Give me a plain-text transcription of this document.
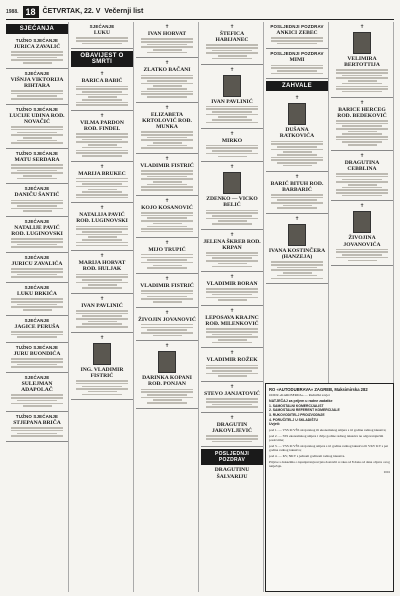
1988. 18	ČETVRTAK, 22. V Večernji list
SJEĆANJA
TUŽNO SJEĆANJE
JURICA ZAVALIĆ
SJEĆANJE
VIŠNJA VIKTORIJA RIHTARA
TUŽNO SJEĆANJE
LUCIJE UDINA ROD. NOVAČIĆ
TUŽNO SJEĆANJE
MATU SERDARA
SJEĆANJE
DANIČU ŠANTIĆ
SJEĆANJE
NATALIJE PAVIĆ ROD. LUGINOVSKI
SJEĆANJE
JURICU ZAVALIĆA
SJEĆANJE
LUKU BRKIĆA
SJEĆANJE
JAGICE PERUŠA
TUŽNO SJEĆANJE
JURU BUONDIĆA
SJEĆANJE
SULEJMAN ADAPOLAČ
TUŽNO SJEĆANJE
STJEPANA BRIČA
SJEĆANJE
LUKU
OBAVIJEST O SMRTI
✝
BARICA BABIĆ
✝
VILMA PARDON ROĐ. FINDEL
✝
MARIJA BRUKEC
✝
NATALIJA PAVIĆ ROĐ. LUGINOVSKI
✝
MARIJA HORVAT ROĐ. HULJAK
✝
IVAN PAVLINIĆ
✝
ING. VLADIMIR FISTRIĆ
✝
IVAN HORVAT
✝
ZLATKO BAČANI
✝
ELIZABETA KRTOLOVIĆ ROĐ. MUNKA
✝
VLADIMIR FISTRIĆ
✝
KOJO KOSANOVIĆ
✝
MIJO TRUPIĆ
✝
VLADIMIR FISTRIĆ
✝
ŽIVOJIN JOVANOVIĆ
✝
DARINKA KOPANI ROĐ. PONJAN
✝
ŠTEFICA HABIJANEC
✝
IVAN PAVLINIĆ
✝
MIRKO
✝
ZDENKO — VICKO BELIĆ
✝
JELENA ŠKREB ROD. KRPAN
✝
VLADIMIR BORAN
✝
LEPOSAVA KRAJNC ROĐ. MILENKOVIĆ
✝
VLADIMIR ROŽEK
✝
STEVO JANJATOVIĆ
✝
DRAGUTIN JAKOVLJEVIĆ
POSLJEDNJI POZDRAV
DRAGUTINU ŠALVARIJU
POSLJEDNJI POZDRAV
ANKICI ZEBEC
POSLJEDNJI POZDRAV
MIMI
ZAHVALE
✝
DUŠANA RATKOVIĆA
✝
BARIĆ BITUH ROD. BARBARIĆ
✝
IVANA KOSTINČERA (HANZEJA)
✝
VELIMIRA BERTOTTIJA
✝
BARICE HERCEG ROD. BEDEKOVIĆ
✝
DRAGUTINA CEBBLINA
✝
ŽIVOJINA JOVANOVIĆA
RO «AUTODUBRAVA» ZAGREB, Maksimirska 282
OOUR «KAROSERIJA» — Radnički savjet
NATJEČAJ za prijem u radne zadatke
1. SAMOSTALNI KOMERCIJALIST
2. SAMOSTALNI REFERENT KOMERCIJALE
3. RUKOVODITELJ PROIZVODNJE
4. PORUČITELJ U SKLADIŠTU
Uvjeti:
pod 1. — VSS ili VŠS strojarskog ili ekonomskog smjera s tri godine radnog iskustva;
pod 2. — SSS ekonomskog smjera i dvije godine radnog iskustva na odgovarajućim poslovima;
pod 3. — VSS ili VŠS strojarskog smjera s tri godine radnog iskustva ili VKV KV s pet godina radnog iskustva;
pod 4. — KV, NKV s jednom godinom radnog iskustva.
Prijave s dokazima o ispunjavanju uvjeta dostaviti u roku od 8 dana od dana objave ovog natječaja.
3043
